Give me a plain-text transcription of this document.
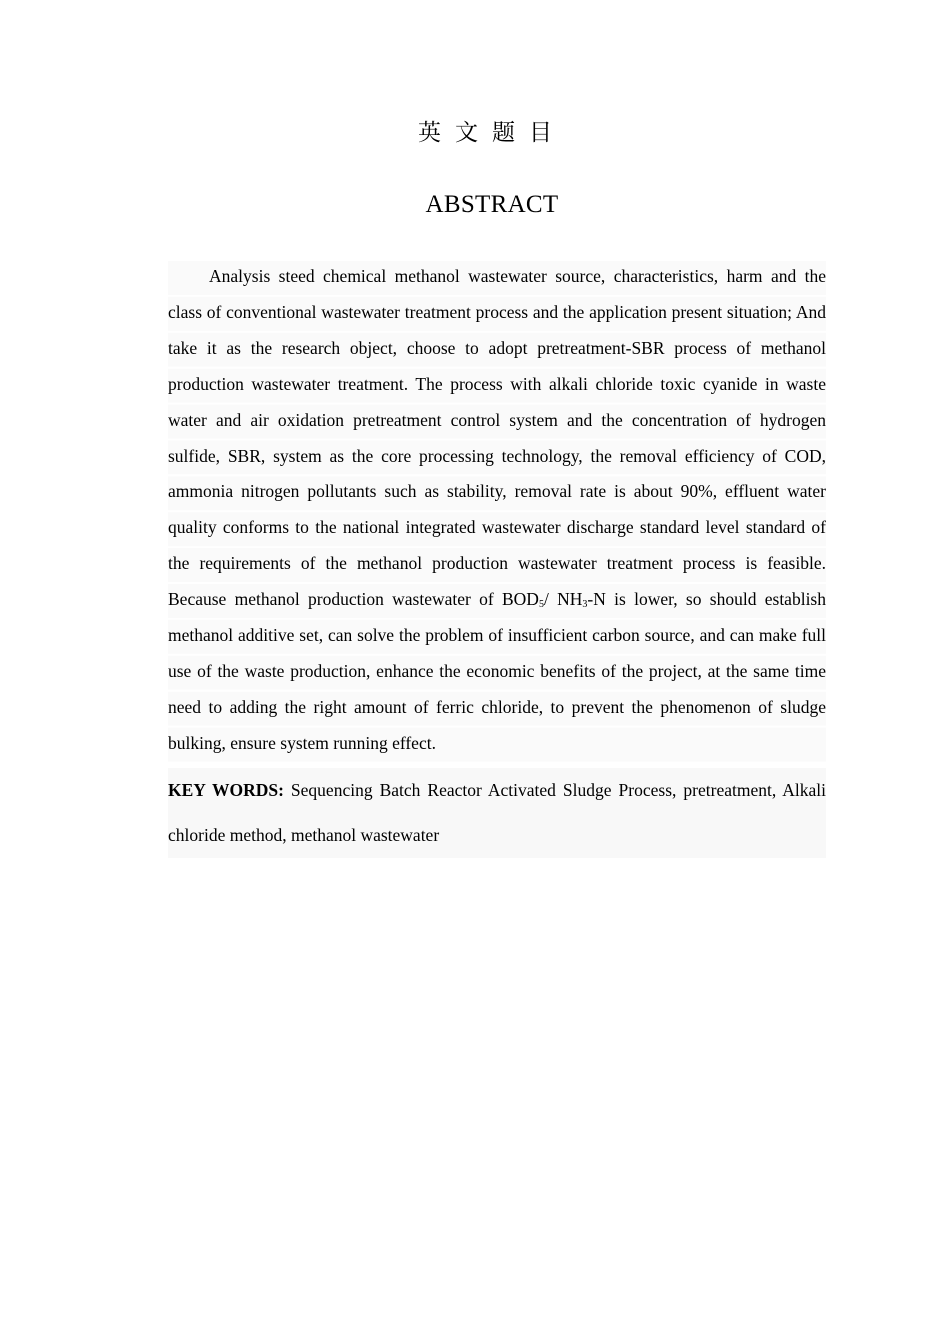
英文题目
ABSTRACT

Analysis steed chemical methanol wastewater source, characteristics, harm and the class of conventional wastewater treatment process and the application present situation; And take it as the research object, choose to adopt pretreatment-SBR process of methanol production wastewater treatment. The process with alkali chloride toxic cyanide in waste water and air oxidation pretreatment control system and the concentration of hydrogen sulfide, SBR, system as the core processing technology, the removal efficiency of COD, ammonia nitrogen pollutants such as stability, removal rate is about 90%, effluent water quality conforms to the national integrated wastewater discharge standard level standard of the requirements of the methanol production wastewater treatment process is feasible. Because methanol production wastewater of $BOD_5/$ $NH_3-N$ is lower, so should establish methanol additive set, can solve the problem of insufficient carbon source, and can make full use of the waste production, enhance the economic benefits of the project, at the same time need to adding the right amount of ferric chloride, to prevent the phenomenon of sludge bulking, ensure system running effect.

KEY WORDS: Sequencing Batch Reactor Activated Sludge Process, pretreatment, Alkali chloride method, methanol wastewater
